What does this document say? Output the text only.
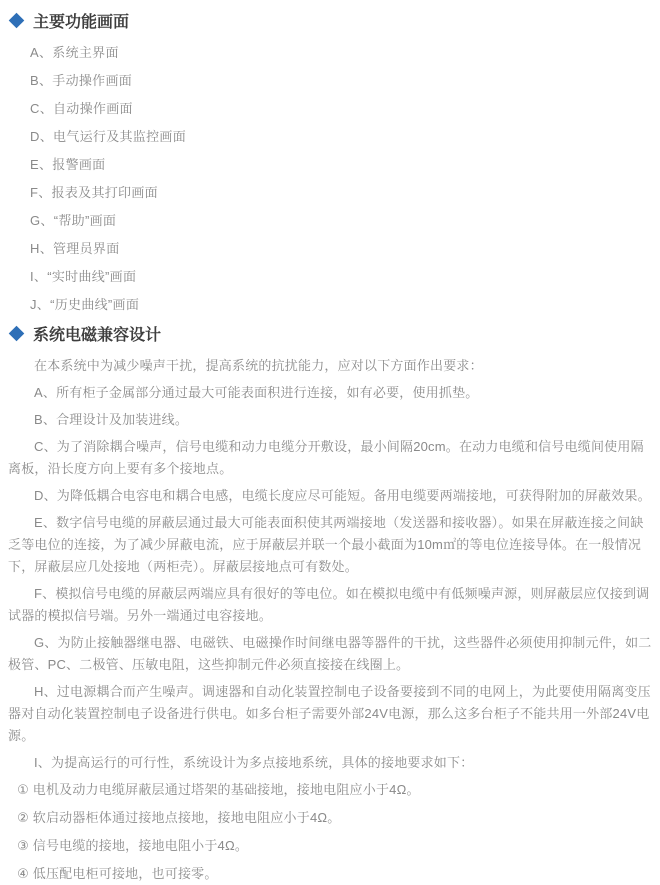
主要功能画面
A、系统主界面
B、手动操作画面
C、自动操作画面
D、电气运行及其监控画面
E、报警画面
F、报表及其打印画面
G、“帮助”画面
H、管理员界面
I、“实时曲线”画面
J、“历史曲线”画面
系统电磁兼容设计

在本系统中为减少噪声干扰，提高系统的抗扰能力，应对以下方面作出要求：

A、所有柜子金属部分通过最大可能表面积进行连接，如有必要，使用抓垫。

B、合理设计及加装进线。

C、为了消除耦合噪声，信号电缆和动力电缆分开敷设，最小间隔20cm。在动力电缆和信号电缆间使用隔离板，沿长度方向上要有多个接地点。

D、为降低耦合电容电和耦合电感，电缆长度应尽可能短。备用电缆要两端接地，可获得附加的屏蔽效果。

E、数字信号电缆的屏蔽层通过最大可能表面积使其两端接地（发送器和接收器）。如果在屏蔽连接之间缺乏等电位的连接，为了减少屏蔽电流，应于屏蔽层并联一个最小截面为10m㎡的等电位连接导体。在一般情况下，屏蔽层应几处接地（两柜壳）。屏蔽层接地点可有数处。

F、模拟信号电缆的屏蔽层两端应具有很好的等电位。如在模拟电缆中有低频噪声源，则屏蔽层应仅接到调试器的模拟信号端。另外一端通过电容接地。

G、为防止接触器继电器、电磁铁、电磁操作时间继电器等器件的干扰，这些器件必须使用抑制元件，如二极管、PC、二极管、压敏电阻，这些抑制元件必须直接接在线圈上。

H、过电源耦合而产生噪声。调速器和自动化装置控制电子设备要接到不同的电网上，为此要使用隔离变压器对自动化装置控制电子设备进行供电。如多台柜子需要外部24V电源，那么这多台柜子不能共用一外部24V电源。

I、为提高运行的可行性，系统设计为多点接地系统，具体的接地要求如下：

① 电机及动力电缆屏蔽层通过塔架的基础接地，接地电阻应小于4Ω。

② 软启动器柜体通过接地点接地，接地电阻应小于4Ω。

③ 信号电缆的接地，接地电阻小于4Ω。

④ 低压配电柜可接地，也可接零。
